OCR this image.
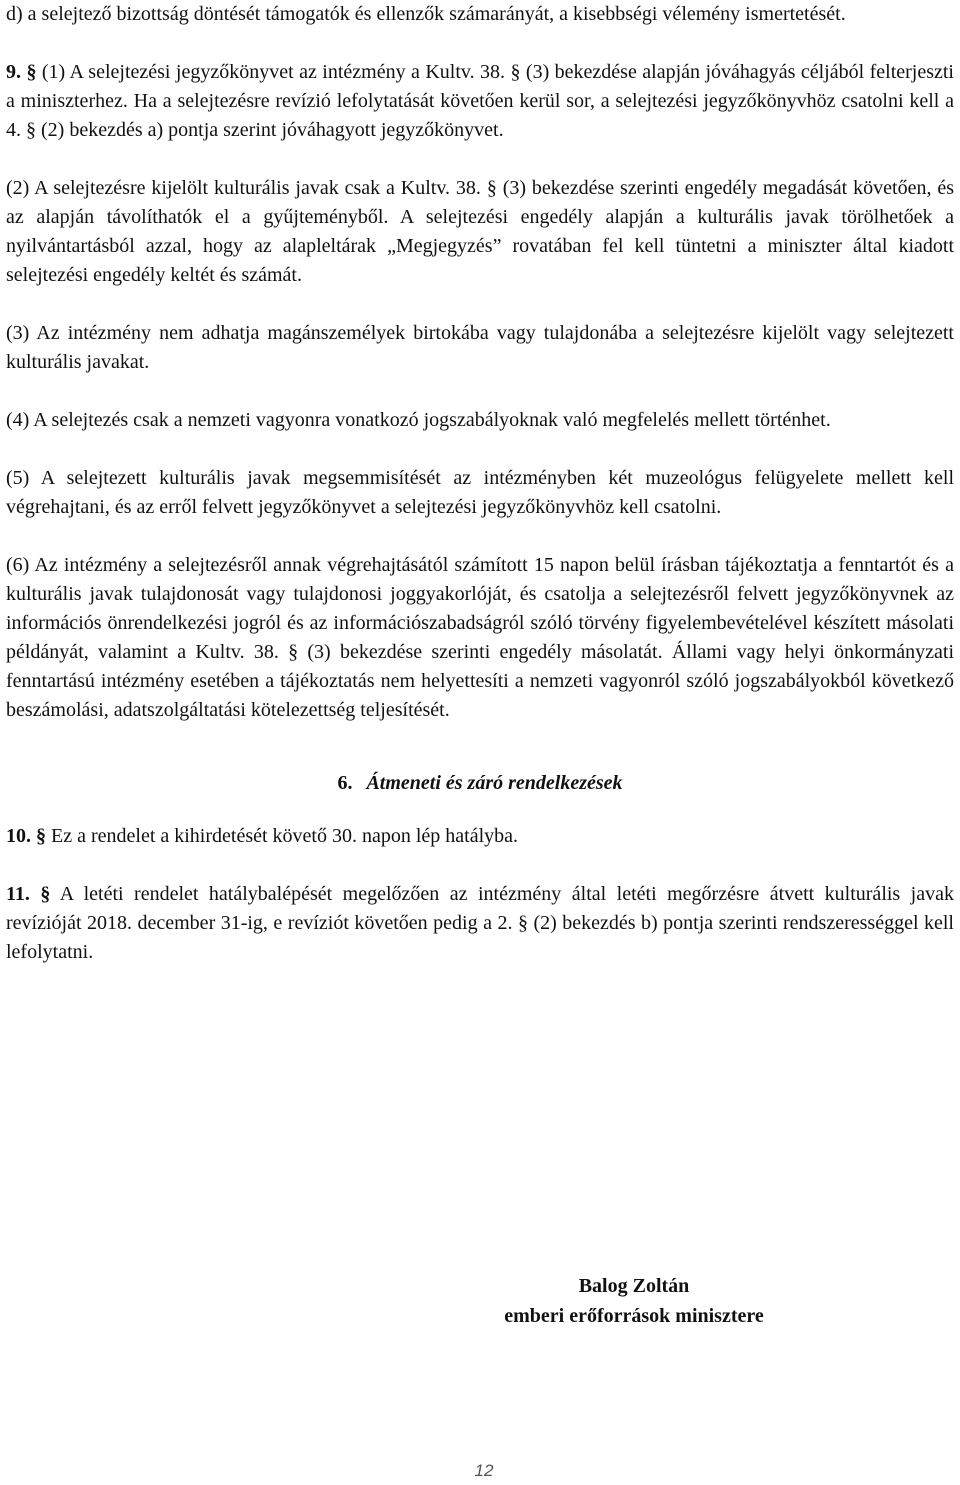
d) a selejtező bizottság döntését támogatók és ellenzők számarányát, a kisebbségi vélemény ismertetését.

9. § (1) A selejtezési jegyzőkönyvet az intézmény a Kultv. 38. § (3) bekezdése alapján jóváhagyás céljából felterjeszti a miniszterhez. Ha a selejtezésre revízió lefolytatását követően kerül sor, a selejtezési jegyzőkönyvhöz csatolni kell a 4. § (2) bekezdés a) pontja szerint jóváhagyott jegyzőkönyvet.

(2) A selejtezésre kijelölt kulturális javak csak a Kultv. 38. § (3) bekezdése szerinti engedély megadását követően, és az alapján távolíthatók el a gyűjteményből. A selejtezési engedély alapján a kulturális javak törölhetőek a nyilvántartásból azzal, hogy az alapleltárak „Megjegyzés” rovatában fel kell tüntetni a miniszter által kiadott selejtezési engedély keltét és számát.

(3) Az intézmény nem adhatja magánszemélyek birtokába vagy tulajdonába a selejtezésre kijelölt vagy selejtezett kulturális javakat.

(4) A selejtezés csak a nemzeti vagyonra vonatkozó jogszabályoknak való megfelelés mellett történhet.

(5) A selejtezett kulturális javak megsemmisítését az intézményben két muzeológus felügyelete mellett kell végrehajtani, és az erről felvett jegyzőkönyvet a selejtezési jegyzőkönyvhöz kell csatolni.

(6) Az intézmény a selejtezésről annak végrehajtásától számított 15 napon belül írásban tájékoztatja a fenntartót és a kulturális javak tulajdonosát vagy tulajdonosi joggyakorlóját, és csatolja a selejtezésről felvett jegyzőkönyvnek az információs önrendelkezési jogról és az információszabadságról szóló törvény figyelembevételével készített másolati példányát, valamint a Kultv. 38. § (3) bekezdése szerinti engedély másolatát. Állami vagy helyi önkormányzati fenntartású intézmény esetében a tájékoztatás nem helyettesíti a nemzeti vagyonról szóló jogszabályokból következő beszámolási, adatszolgáltatási kötelezettség teljesítését.

6. Átmeneti és záró rendelkezések

10. § Ez a rendelet a kihirdetését követő 30. napon lép hatályba.

11. § A letéti rendelet hatálybalépését megelőzően az intézmény által letéti megőrzésre átvett kulturális javak revízióját 2018. december 31-ig, e revíziót követően pedig a 2. § (2) bekezdés b) pontja szerinti rendszerességgel kell lefolytatni.

Balog Zoltán
emberi erőforrások minisztere
12
